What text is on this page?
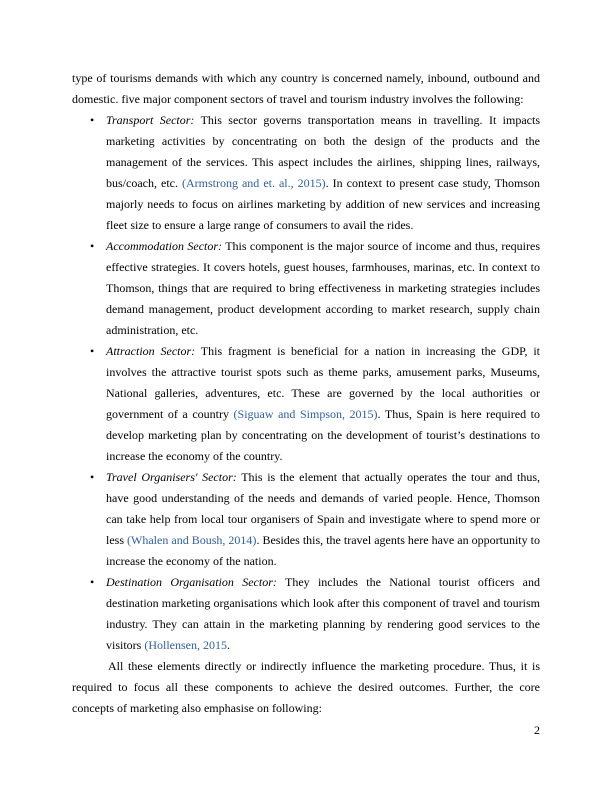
type of tourisms demands with which any country is concerned namely, inbound, outbound and domestic. five major component sectors of travel and tourism industry involves the following:

• Transport Sector: This sector governs transportation means in travelling. It impacts marketing activities by concentrating on both the design of the products and the management of the services. This aspect includes the airlines, shipping lines, railways, bus/coach, etc. (Armstrong and et. al., 2015). In context to present case study, Thomson majorly needs to focus on airlines marketing by addition of new services and increasing fleet size to ensure a large range of consumers to avail the rides.
• Accommodation Sector: This component is the major source of income and thus, requires effective strategies. It covers hotels, guest houses, farmhouses, marinas, etc. In context to Thomson, things that are required to bring effectiveness in marketing strategies includes demand management, product development according to market research, supply chain administration, etc.
• Attraction Sector: This fragment is beneficial for a nation in increasing the GDP, it involves the attractive tourist spots such as theme parks, amusement parks, Museums, National galleries, adventures, etc. These are governed by the local authorities or government of a country (Siguaw and Simpson, 2015). Thus, Spain is here required to develop marketing plan by concentrating on the development of tourist’s destinations to increase the economy of the country.
• Travel Organisers' Sector: This is the element that actually operates the tour and thus, have good understanding of the needs and demands of varied people. Hence, Thomson can take help from local tour organisers of Spain and investigate where to spend more or less (Whalen and Boush, 2014). Besides this, the travel agents here have an opportunity to increase the economy of the nation.
• Destination Organisation Sector: They includes the National tourist officers and destination marketing organisations which look after this component of travel and tourism industry. They can attain in the marketing planning by rendering good services to the visitors (Hollensen, 2015.

All these elements directly or indirectly influence the marketing procedure. Thus, it is required to focus all these components to achieve the desired outcomes. Further, the core concepts of marketing also emphasise on following:

2
